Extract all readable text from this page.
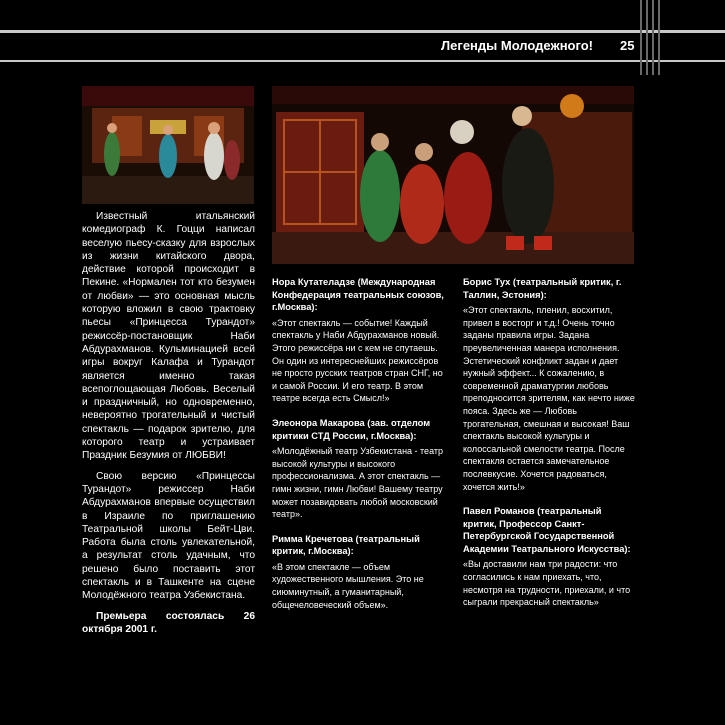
Легенды Молодежного! 25

Известный итальянский комедиограф К. Гоцци написал веселую пьесу-сказку для взрослых из жизни китайского двора, действие которой происходит в Пекине. «Нормален тот кто безумен от любви» — это основная мысль которую вложил в свою трактовку пьесы «Принцесса Турандот» режиссёр-постановщик Наби Абдурахманов. Кульминацией всей игры вокруг Калафа и Турандот является именно такая всепоглощающая Любовь. Веселый и праздничный, но одновременно, невероятно трогательный и чистый спектакль — подарок зрителю, для которого театр и устраивает Праздник Безумия от ЛЮБВИ!

Свою версию «Принцессы Турандот» режиссер Наби Абдурахманов впервые осуществил в Израиле по приглашению Театральной школы Бейт-Цви. Работа была столь увлекательной, а результат столь удачным, что решено было поставить этот спектакль и в Ташкенте на сцене Молодёжного театра Узбекистана.

Премьера состоялась 26 октября 2001 г.

Нора Кутателадзе (Международная Конфедерация театральных союзов, г.Москва):

«Этот спектакль — событие! Каждый спектакль у Наби Абдурахманов новый. Этого режиссёра ни с кем не спутаешь. Он один из интереснейших режиссёров не просто русских театров стран СНГ, но и самой России. И его театр. В этом театре всегда есть Смысл!»

Элеонора Макарова (зав. отделом критики СТД России, г.Москва):

«Молодёжный театр Узбекистана - театр высокой культуры и высокого профессионализма. А этот спектакль — гимн жизни, гимн Любви! Вашему театру может позавидовать любой московский театр».

Римма Кречетова (театральный критик, г.Москва):

«В этом спектакле — объем художественного мышления. Это не сиюминутный, а гуманитарный, общечеловеческий объем».

Борис Тух (театральный критик, г. Таллин, Эстония):

«Этот спектакль, пленил, восхитил, привел в восторг и т.д.! Очень точно заданы правила игры. Задана преувеличенная манера исполнения. Эстетический конфликт задан и дает нужный эффект... К сожалению, в современной драматургии любовь преподносится зрителям, как нечто ниже пояса. Здесь же — Любовь трогательная, смешная и высокая! Ваш спектакль высокой культуры и колоссальной смелости театра. После спектакля остается замечательное послевкусие. Хочется радоваться, хочется жить!»

Павел Романов (театральный критик, Профессор Санкт-Петербургской Государственной Академии Театрального Искусства):

«Вы доставили нам три радости: что согласились к нам приехать, что, несмотря на трудности, приехали, и что сыграли прекрасный спектакль»
